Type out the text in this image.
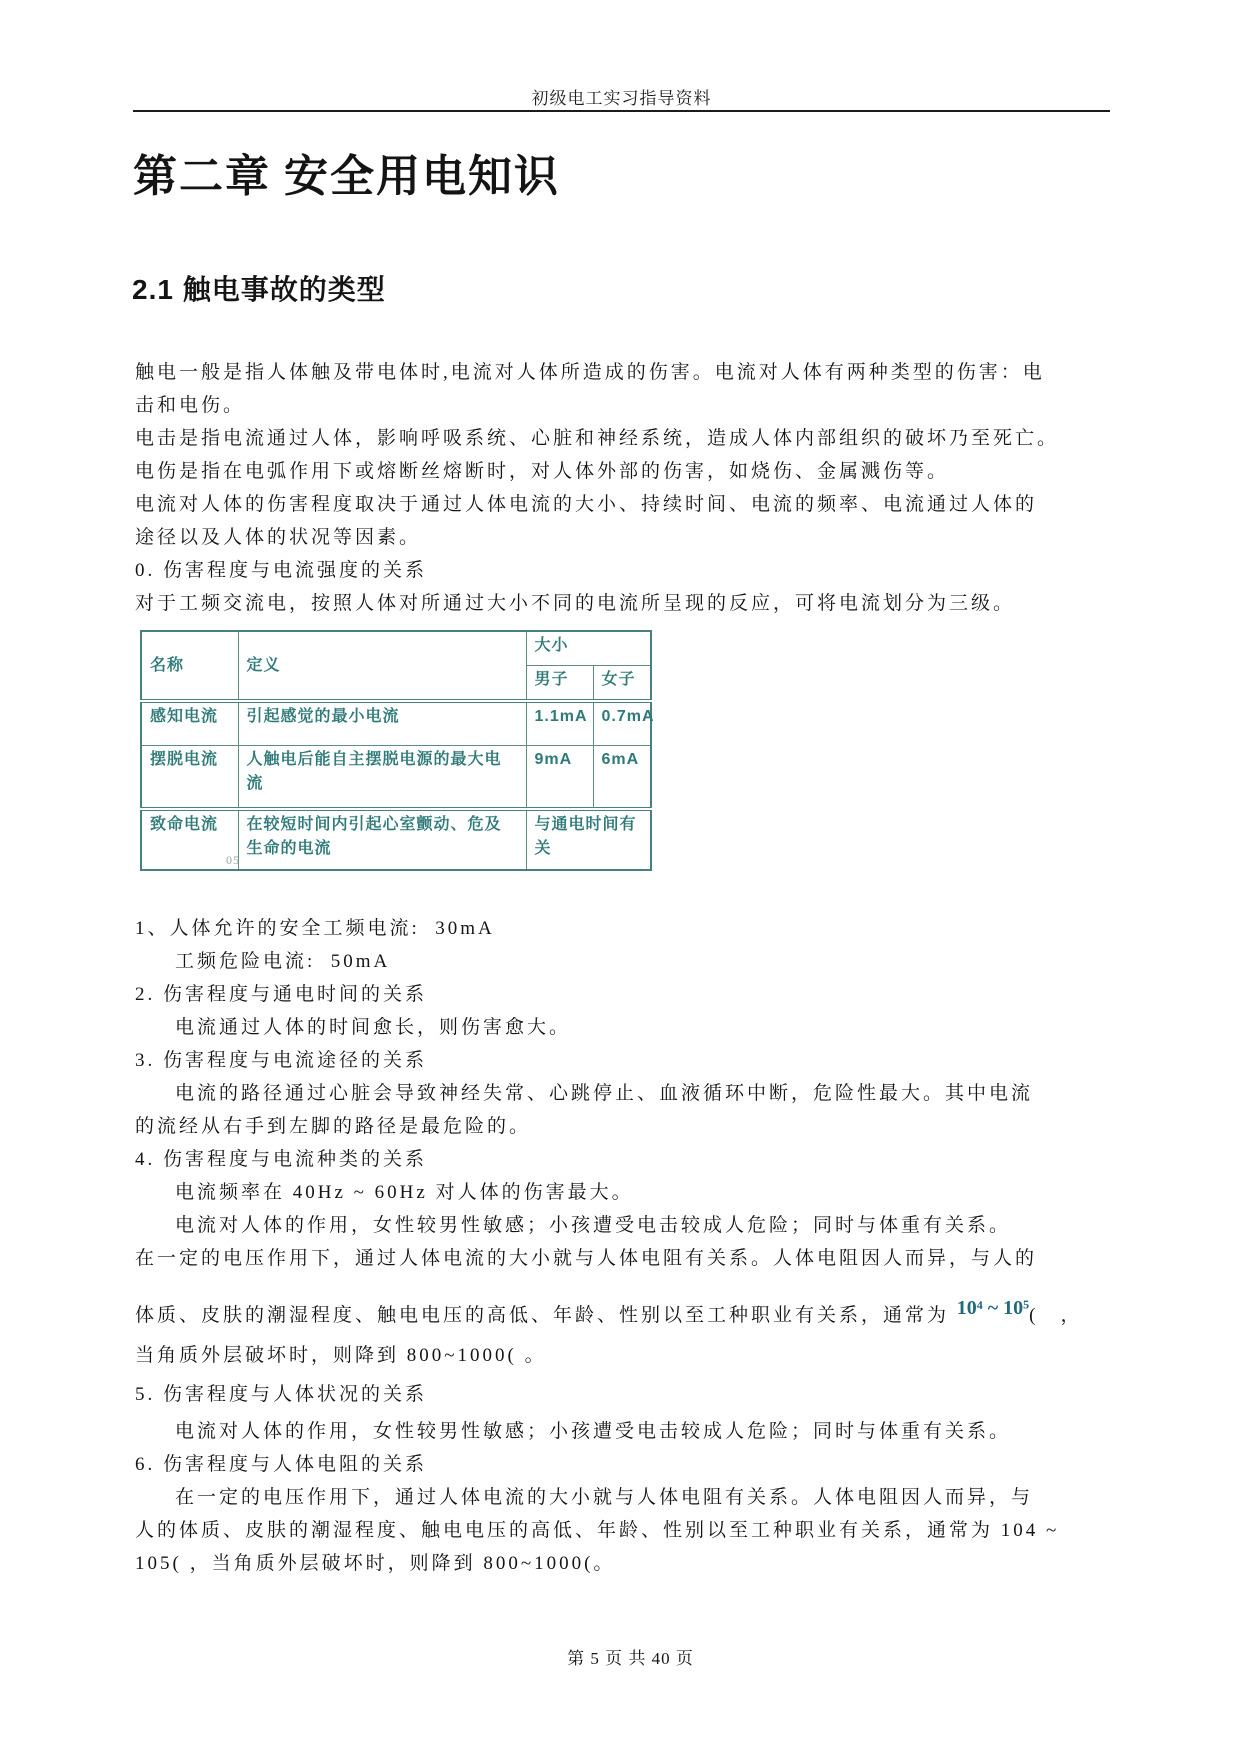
初级电工实习指导资料
第二章 安全用电知识
2.1 触电事故的类型
触电一般是指人体触及带电体时,电流对人体所造成的伤害。电流对人体有两种类型的伤害：电
击和电伤。
电击是指电流通过人体，影响呼吸系统、心脏和神经系统，造成人体内部组织的破坏乃至死亡。
电伤是指在电弧作用下或熔断丝熔断时，对人体外部的伤害，如烧伤、金属溅伤等。
电流对人体的伤害程度取决于通过人体电流的大小、持续时间、电流的频率、电流通过人体的
途径以及人体的状况等因素。
0. 伤害程度与电流强度的关系
对于工频交流电，按照人体对所通过大小不同的电流所呈现的反应，可将电流划分为三级。
名称	定义	大小	
		男子	女子
感知电流	引起感觉的最小电流	1.1mA	0.7mA
摆脱电流	人触电后能自主摆脱电源的最大电流	9mA	6mA
致命电流	在较短时间内引起心室颤动、危及生命的电流	与通电时间有关	
05
1、人体允许的安全工频电流:  30mA
工频危险电流:  50mA
2. 伤害程度与通电时间的关系
电流通过人体的时间愈长，则伤害愈大。
3. 伤害程度与电流途径的关系
电流的路径通过心脏会导致神经失常、心跳停止、血液循环中断，危险性最大。其中电流
的流经从右手到左脚的路径是最危险的。
4. 伤害程度与电流种类的关系
电流频率在 40Hz ~ 60Hz 对人体的伤害最大。
电流对人体的作用，女性较男性敏感；小孩遭受电击较成人危险；同时与体重有关系。
在一定的电压作用下，通过人体电流的大小就与人体电阻有关系。人体电阻因人而异，与人的
体质、皮肤的潮湿程度、触电电压的高低、年龄、性别以至工种职业有关系，通常为 10⁴ ~ 10⁵(　，
当角质外层破坏时，则降到 800~1000( 。
5. 伤害程度与人体状况的关系
电流对人体的作用，女性较男性敏感；小孩遭受电击较成人危险；同时与体重有关系。
6. 伤害程度与人体电阻的关系
在一定的电压作用下，通过人体电流的大小就与人体电阻有关系。人体电阻因人而异，与
人的体质、皮肤的潮湿程度、触电电压的高低、年龄、性别以至工种职业有关系，通常为 104 ~
105( ，当角质外层破坏时，则降到 800~1000(。

第 5 页 共 40 页
